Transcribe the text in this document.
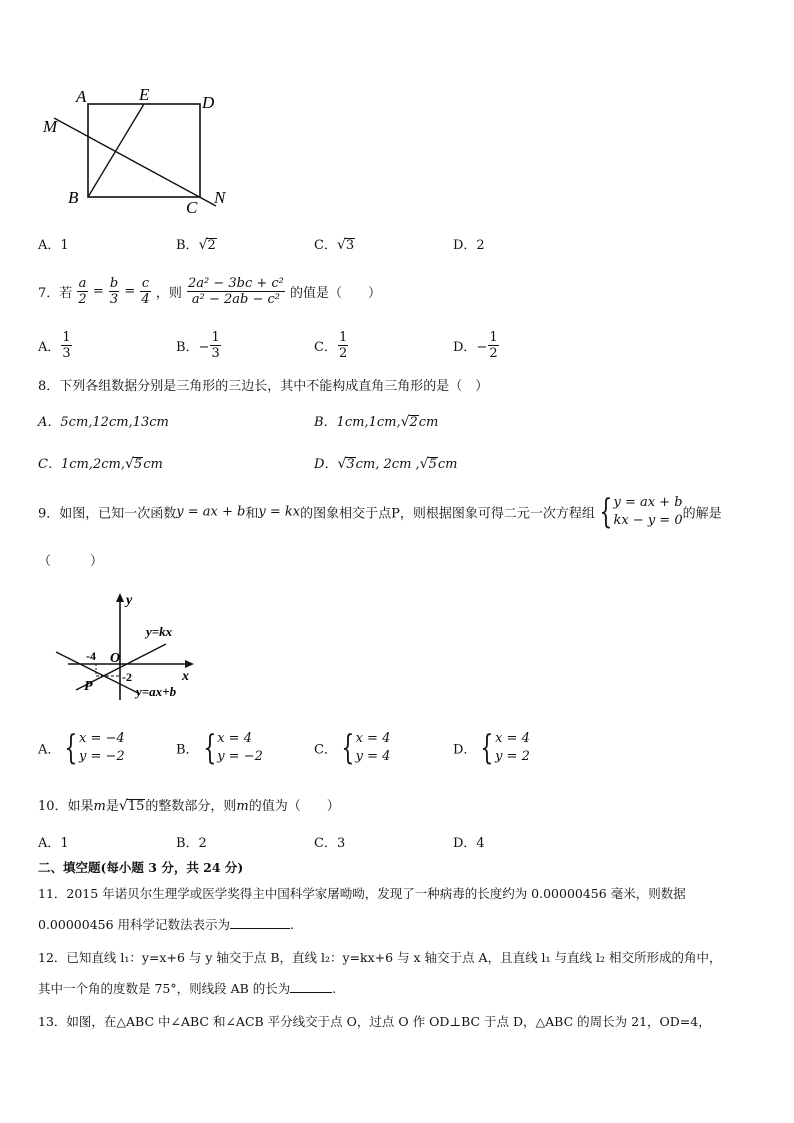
A	E	D
M
B
C
N
A．1	B．√2	C．√3	D．2
7．若 $\frac{a}{2} = \frac{b}{3} = \frac{c}{4}$ ，则 $\frac{\text{2a² − 3bc + c²}}{\text{a² − 2ab − c²}}$ 的值是（　　）
A． $\frac{1}{3}$	B．− $\frac{1}{3}$	C． $\frac{1}{2}$	D．− $\frac{1}{2}$
8．下列各组数据分别是三角形的三边长，其中不能构成直角三角形的是（　）
A．5cm,12cm,13cm	B．1cm,1cm,√2cm
C．1cm,2cm,√5cm	D．√3cm, 2cm ,√5cm
9．如图，已知一次函数y = ax + b和y = kx的图象相交于点P，则根据图象可得二元一次方程组 { y = ax + b
kx − y = 0 的解是
（　　　）
y
x
O
-4
-2
P
y=kx
y=ax+b
A． { x = −4
y = −2	B． { x = 4
y = −2	C． { x = 4
y = 4	D． { x = 4
y = 2
10．如果m是√15的整数部分，则m的值为（　　）
A．1	B．2	C．3	D．4
二、填空题(每小题 3 分，共 24 分)
11．2015 年诺贝尔生理学或医学奖得主中国科学家屠呦呦，发现了一种病毒的长度约为 0.00000456 毫米，则数据
0.00000456 用科学记数法表示为	.
12．已知直线 l₁：y=x+6 与 y 轴交于点 B，直线 l₂：y=kx+6 与 x 轴交于点 A，且直线 l₁ 与直线 l₂ 相交所形成的角中，
其中一个角的度数是 75°，则线段 AB 的长为	.
13．如图，在△ABC 中∠ABC 和∠ACB 平分线交于点 O，过点 O 作 OD⊥BC 于点 D，△ABC 的周长为 21，OD=4，
